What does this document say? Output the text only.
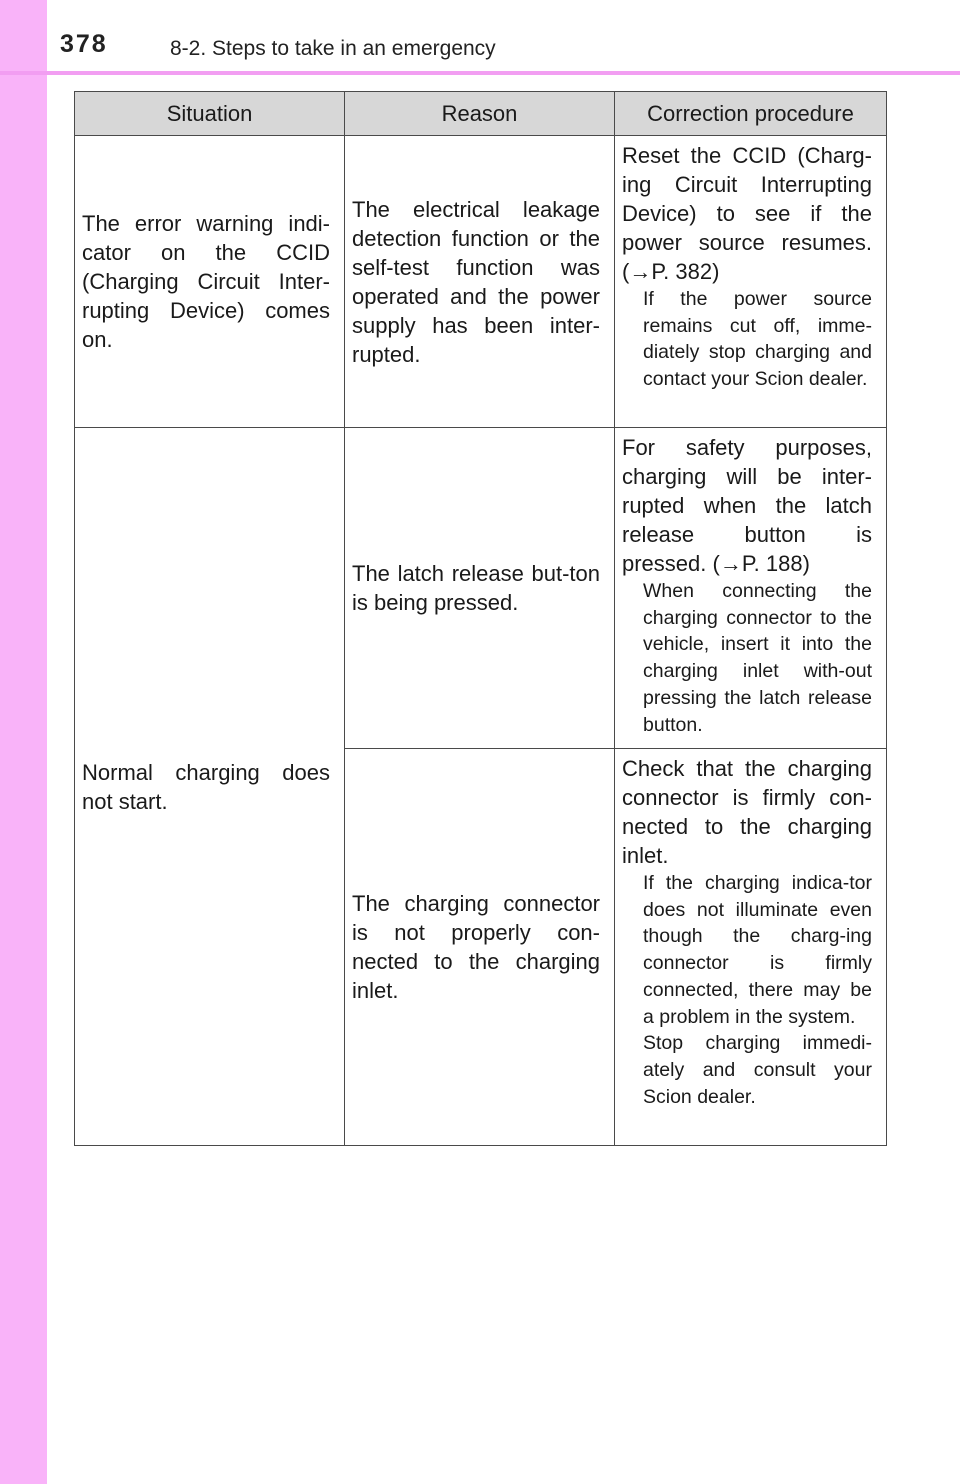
378	8-2. Steps to take in an emergency
Situation	Reason	Correction procedure
The error warning indi-cator on the CCID (Charging Circuit Inter-rupting Device) comes on.	The electrical leakage detection function or the self-test function was operated and the power supply has been inter-rupted.	Reset the CCID (Charg-ing Circuit Interrupting Device) to see if the power source resumes. (→P. 382)
If the power source remains cut off, imme-diately stop charging and contact your Scion dealer.

Normal charging does not start.	The latch release but-ton is being pressed.	For safety purposes, charging will be inter-rupted when the latch release button is pressed. (→P. 188)
When connecting the charging connector to the vehicle, insert it into the charging inlet with-out pressing the latch release button.

	The charging connector is not properly con-nected to the charging inlet.	Check that the charging connector is firmly con-nected to the charging inlet.
If the charging indica-tor does not illuminate even though the charg-ing connector is firmly connected, there may be a problem in the system.
Stop charging immedi-ately and consult your Scion dealer.
